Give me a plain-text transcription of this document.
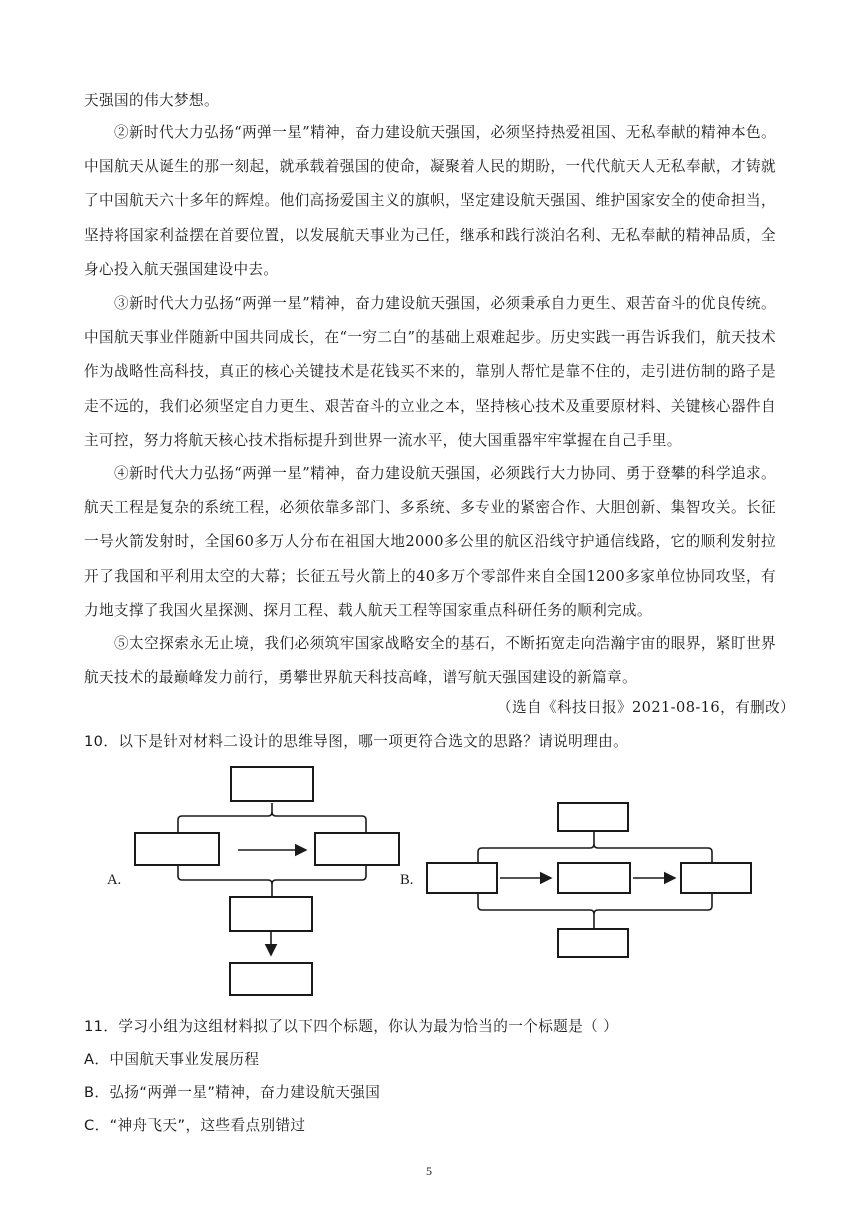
天强国的伟大梦想。

②新时代大力弘扬“两弹一星”精神，奋力建设航天强国，必须坚持热爱祖国、无私奉献的精神本色。中国航天从诞生的那一刻起，就承载着强国的使命，凝聚着人民的期盼，一代代航天人无私奉献，才铸就了中国航天六十多年的辉煌。他们高扬爱国主义的旗帜，坚定建设航天强国、维护国家安全的使命担当，坚持将国家利益摆在首要位置，以发展航天事业为己任，继承和践行淡泊名利、无私奉献的精神品质，全身心投入航天强国建设中去。

③新时代大力弘扬“两弹一星”精神，奋力建设航天强国，必须秉承自力更生、艰苦奋斗的优良传统。中国航天事业伴随新中国共同成长，在“一穷二白”的基础上艰难起步。历史实践一再告诉我们，航天技术作为战略性高科技，真正的核心关键技术是花钱买不来的，靠别人帮忙是靠不住的，走引进仿制的路子是走不远的，我们必须坚定自力更生、艰苦奋斗的立业之本，坚持核心技术及重要原材料、关键核心器件自主可控，努力将航天核心技术指标提升到世界一流水平，使大国重器牢牢掌握在自己手里。

④新时代大力弘扬“两弹一星”精神，奋力建设航天强国，必须践行大力协同、勇于登攀的科学追求。航天工程是复杂的系统工程，必须依靠多部门、多系统、多专业的紧密合作、大胆创新、集智攻关。长征一号火箭发射时，全国60多万人分布在祖国大地2000多公里的航区沿线守护通信线路，它的顺利发射拉开了我国和平利用太空的大幕；长征五号火箭上的40多万个零部件来自全国1200多家单位协同攻坚，有力地支撑了我国火星探测、探月工程、载人航天工程等国家重点科研任务的顺利完成。

⑤太空探索永无止境，我们必须筑牢国家战略安全的基石，不断拓宽走向浩瀚宇宙的眼界，紧盯世界航天技术的最巅峰发力前行，勇攀世界航天科技高峰，谱写航天强国建设的新篇章。

（选自《科技日报》2021-08-16，有删改）
10．以下是针对材料二设计的思维导图，哪一项更符合选文的思路？请说明理由。
A.	B.
11．学习小组为这组材料拟了以下四个标题，你认为最为恰当的一个标题是（ ）
A．中国航天事业发展历程
B．弘扬“两弹一星”精神，奋力建设航天强国
C．“神舟飞天”，这些看点别错过
5
